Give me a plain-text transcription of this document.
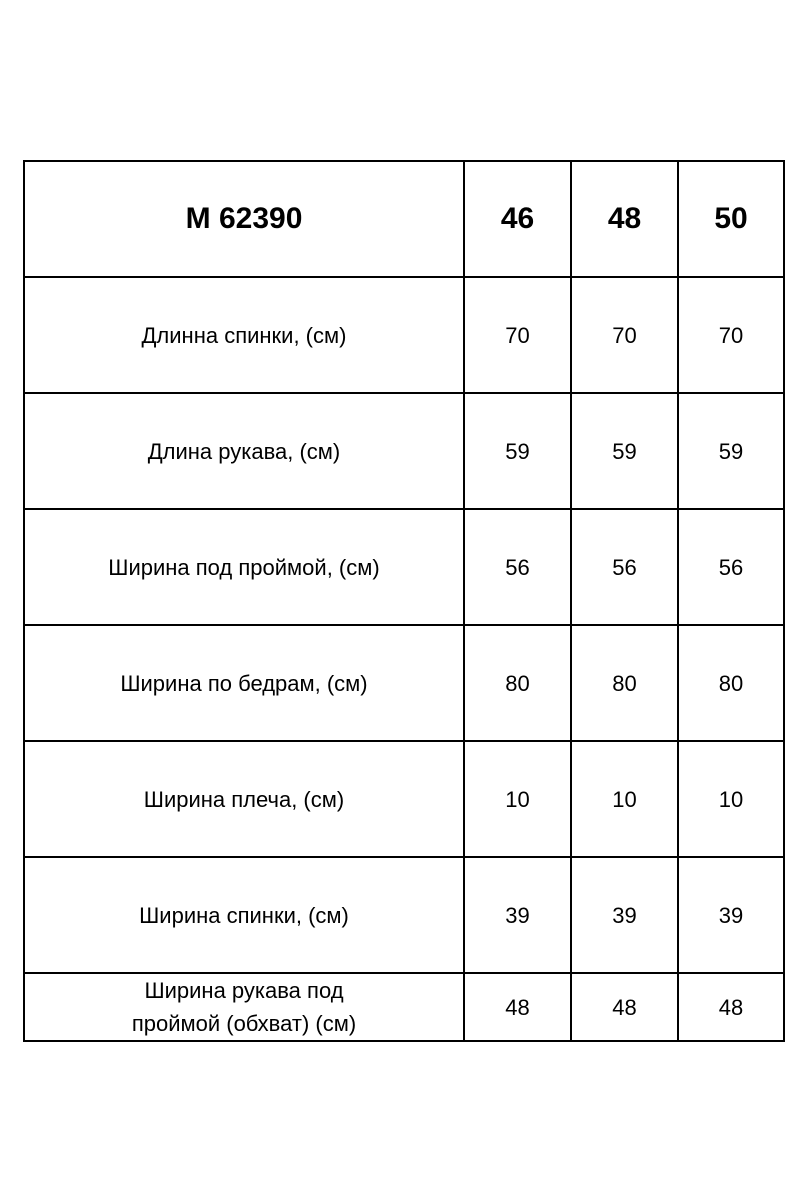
М 62390	46	48	50
Длинна спинки, (см)	70	70	70
Длина рукава, (см)	59	59	59
Ширина под проймой, (см)	56	56	56
Ширина по бедрам, (см)	80	80	80
Ширина плеча, (см)	10	10	10
Ширина спинки, (см)	39	39	39
Ширина рукава под проймой (обхват) (см)	48	48	48
